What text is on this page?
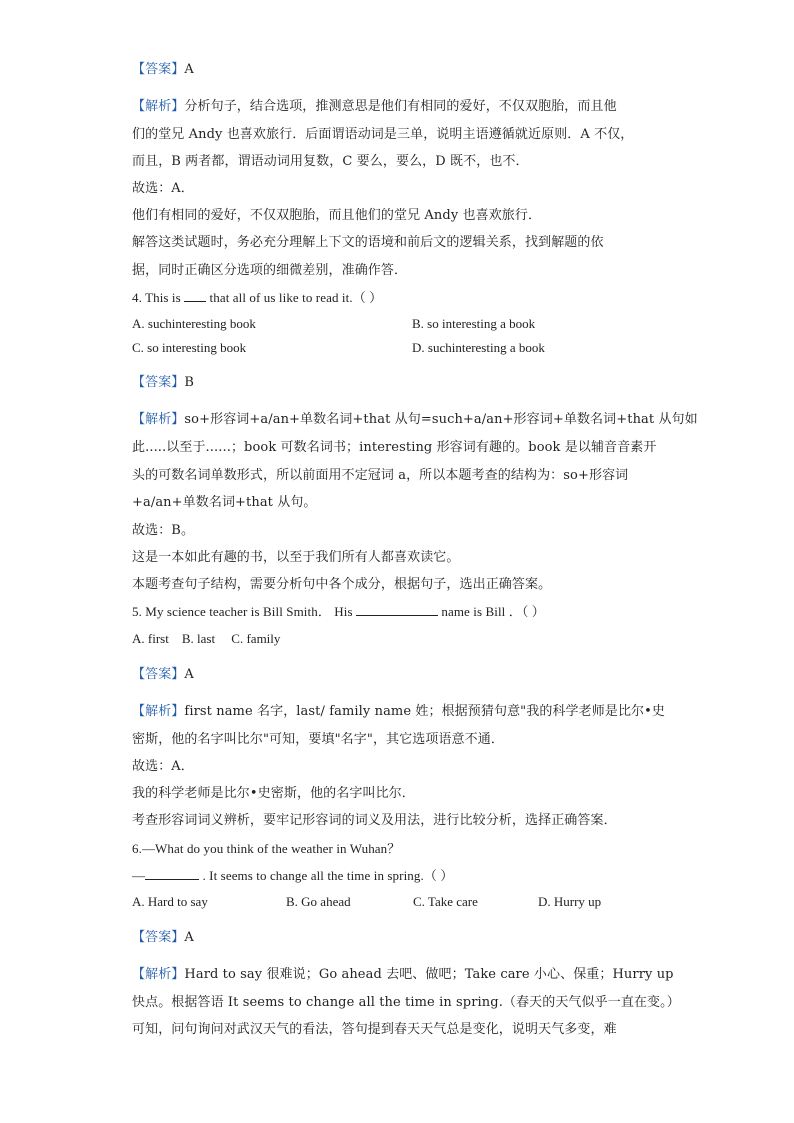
【答案】A
【解析】分析句子，结合选项，推测意思是他们有相同的爱好，不仅双胞胎，而且他
们的堂兄 Andy 也喜欢旅行．后面谓语动词是三单，说明主语遵循就近原则．A 不仅，
而且，B 两者都，谓语动词用复数，C 要么，要么，D 既不，也不．
故选：A．
他们有相同的爱好，不仅双胞胎，而且他们的堂兄 Andy 也喜欢旅行．
解答这类试题时，务必充分理解上下文的语境和前后文的逻辑关系，找到解题的依
据，同时正确区分选项的细微差别，准确作答．
4. This is that all of us like to read it.（ ）
A. suchinteresting book	B. so interesting a book
C. so interesting book	D. suchinteresting a book
【答案】B
【解析】so+形容词+a/an+单数名词+that 从句=such+a/an+形容词+单数名词+that 从句如
此.....以至于......；book 可数名词书；interesting 形容词有趣的。book 是以辅音音素开
头的可数名词单数形式，所以前面用不定冠词 a，所以本题考查的结构为：so+形容词
+a/an+单数名词+that 从句。
故选：B。
这是一本如此有趣的书，以至于我们所有人都喜欢读它。
本题考查句子结构，需要分析句中各个成分，根据句子，选出正确答案。
5. My science teacher is Bill Smith． His	name is Bill ．（ ）
A. first    B. last     C. family
【答案】A
【解析】first name 名字，last/ family name 姓；根据预猜句意"我的科学老师是比尔•史
密斯，他的名字叫比尔"可知，要填"名字"，其它选项语意不通．
故选：A．
我的科学老师是比尔•史密斯，他的名字叫比尔．
考查形容词词义辨析，要牢记形容词的词义及用法，进行比较分析，选择正确答案．
6.—What do you think of the weather in Wuhan？
—	. It seems to change all the time in spring.（ ）
A. Hard to say	B. Go ahead	C. Take care	D. Hurry up
【答案】A
【解析】Hard to say 很难说；Go ahead 去吧、做吧；Take care 小心、保重；Hurry up
快点。根据答语 It seems to change all the time in spring.（春天的天气似乎一直在变。）
可知，问句询问对武汉天气的看法，答句提到春天天气总是变化，说明天气多变，难
